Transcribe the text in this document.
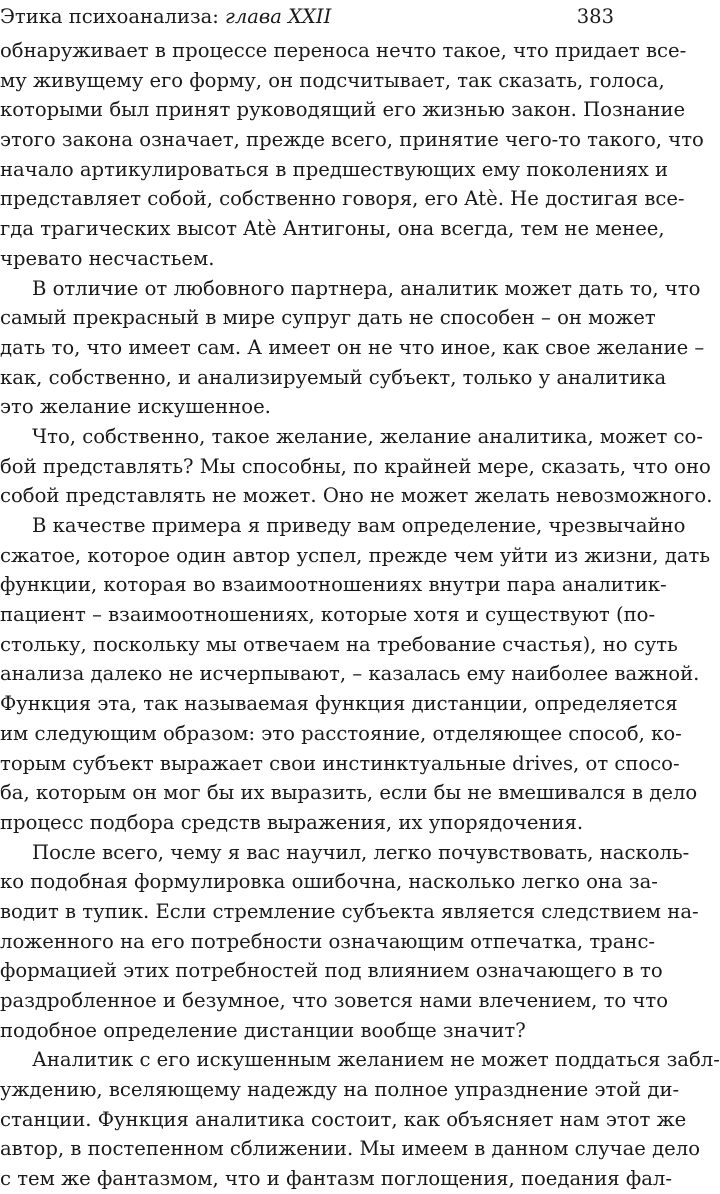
Этика психоанализа: глава XXII	383
обнаруживает в процессе переноса нечто такое, что придает все-
му живущему его форму, он подсчитывает, так сказать, голоса,
которыми был принят руководящий его жизнью закон. Познание
этого закона означает, прежде всего, принятие чего-то такого, что
начало артикулироваться в предшествующих ему поколениях и
представляет собой, собственно говоря, его Atè. Не достигая все-
гда трагических высот Atè Антигоны, она всегда, тем не менее,
чревато несчастьем.
В отличие от любовного партнера, аналитик может дать то, что
самый прекрасный в мире супруг дать не способен – он может
дать то, что имеет сам. А имеет он не что иное, как свое желание –
как, собственно, и анализируемый субъект, только у аналитика
это желание искушенное.
Что, собственно, такое желание, желание аналитика, может со-
бой представлять? Мы способны, по крайней мере, сказать, что оно
собой представлять не может. Оно не может желать невозможного.
В качестве примера я приведу вам определение, чрезвычайно
сжатое, которое один автор успел, прежде чем уйти из жизни, дать
функции, которая во взаимоотношениях внутри пара аналитик-
пациент – взаимоотношениях, которые хотя и существуют (по-
стольку, поскольку мы отвечаем на требование счастья), но суть
анализа далеко не исчерпывают, – казалась ему наиболее важной.
Функция эта, так называемая функция дистанции, определяется
им следующим образом: это расстояние, отделяющее способ, ко-
торым субъект выражает свои инстинктуальные drives, от спосо-
ба, которым он мог бы их выразить, если бы не вмешивался в дело
процесс подбора средств выражения, их упорядочения.
После всего, чему я вас научил, легко почувствовать, насколь-
ко подобная формулировка ошибочна, насколько легко она за-
водит в тупик. Если стремление субъекта является следствием на-
ложенного на его потребности означающим отпечатка, транс-
формацией этих потребностей под влиянием означающего в то
раздробленное и безумное, что зовется нами влечением, то что
подобное определение дистанции вообще значит?
Аналитик с его искушенным желанием не может поддаться забл-
уждению, вселяющему надежду на полное упразднение этой ди-
станции. Функция аналитика состоит, как объясняет нам этот же
автор, в постепенном сближении. Мы имеем в данном случае дело
с тем же фантазмом, что и фантазм поглощения, поедания фал-
